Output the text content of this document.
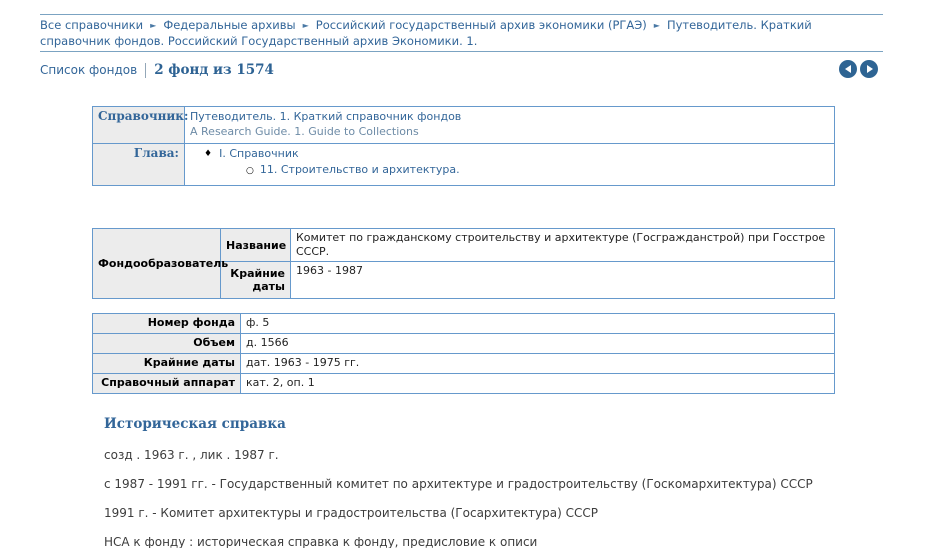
Все справочники ► Федеральные архивы ► Российский государственный архив экономики (РГАЭ) ► Путеводитель. Краткий справочник фондов. Российский Государственный архив Экономики. 1.
Список фондов 2 фонд из 1574
Справочник:	Путеводитель. 1. Краткий справочник фондов
A Research Guide. 1. Guide to Collections
Глава:	♦ I. Справочник
○ 11. Строительство и архитектура.
Фондообразователь	Название	Комитет по гражданскому строительству и архитектуре (Госгражданстрой) при Госстрое СССР.
	Крайние даты	1963 - 1987
Номер фонда	ф. 5
Объем	д. 1566
Крайние даты	дат. 1963 - 1975 гг.
Справочный аппарат	кат. 2, оп. 1
Историческая справка

созд . 1963 г. , лик . 1987 г.

с 1987 - 1991 гг. - Государственный комитет по архитектуре и градостроительству (Госкомархитектура) СССР

1991 г. - Комитет архитектуры и градостроительства (Госархитектура) СССР

НСА к фонду : историческая справка к фонду, предисловие к описи
